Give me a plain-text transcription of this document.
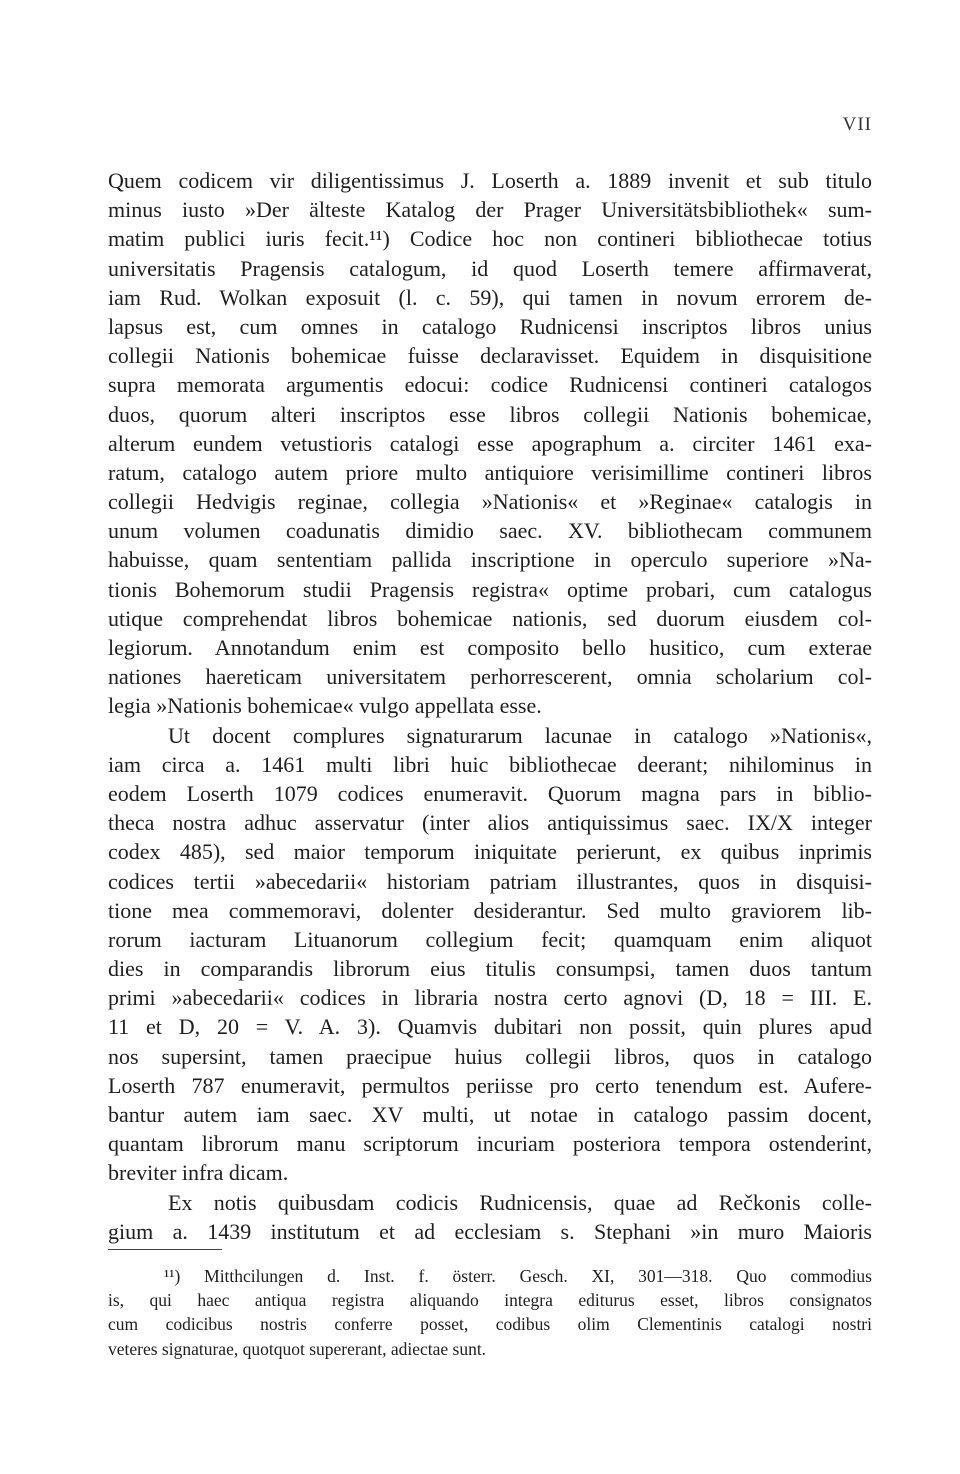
VII
Quem codicem vir diligentissimus J. Loserth a. 1889 invenit et sub titulo
minus iusto »Der älteste Katalog der Prager Universitätsbibliothek« sum-
matim publici iuris fecit.¹¹) Codice hoc non contineri bibliothecae totius
universitatis Pragensis catalogum, id quod Loserth temere affirmaverat,
iam Rud. Wolkan exposuit (l. c. 59), qui tamen in novum errorem de-
lapsus est, cum omnes in catalogo Rudnicensi inscriptos libros unius
collegii Nationis bohemicae fuisse declaravisset. Equidem in disquisitione
supra memorata argumentis edocui: codice Rudnicensi contineri catalogos
duos, quorum alteri inscriptos esse libros collegii Nationis bohemicae,
alterum eundem vetustioris catalogi esse apographum a. circiter 1461 exa-
ratum, catalogo autem priore multo antiquiore verisimillime contineri libros
collegii Hedvigis reginae, collegia »Nationis« et »Reginae« catalogis in
unum volumen coadunatis dimidio saec. XV. bibliothecam communem
habuisse, quam sententiam pallida inscriptione in operculo superiore »Na-
tionis Bohemorum studii Pragensis registra« optime probari, cum catalogus
utique comprehendat libros bohemicae nationis, sed duorum eiusdem col-
legiorum. Annotandum enim est composito bello husitico, cum exterae
nationes haereticam universitatem perhorrescerent, omnia scholarium col-
legia »Nationis bohemicae« vulgo appellata esse.
Ut docent complures signaturarum lacunae in catalogo »Nationis«,
iam circa a. 1461 multi libri huic bibliothecae deerant; nihilominus in
eodem Loserth 1079 codices enumeravit. Quorum magna pars in biblio-
theca nostra adhuc asservatur (inter alios antiquissimus saec. IX/X integer
codex 485), sed maior temporum iniquitate perierunt, ex quibus inprimis
codices tertii »abecedarii« historiam patriam illustrantes, quos in disquisi-
tione mea commemoravi, dolenter desiderantur. Sed multo graviorem lib-
rorum iacturam Lituanorum collegium fecit; quamquam enim aliquot
dies in comparandis librorum eius titulis consumpsi, tamen duos tantum
primi »abecedarii« codices in libraria nostra certo agnovi (D, 18 = III. E.
11 et D, 20 = V. A. 3). Quamvis dubitari non possit, quin plures apud
nos supersint, tamen praecipue huius collegii libros, quos in catalogo
Loserth 787 enumeravit, permultos periisse pro certo tenendum est. Aufere-
bantur autem iam saec. XV multi, ut notae in catalogo passim docent,
quantam librorum manu scriptorum incuriam posteriora tempora ostenderint,
breviter infra dicam.
Ex notis quibusdam codicis Rudnicensis, quae ad Rečkonis colle-
gium a. 1439 institutum et ad ecclesiam s. Stephani »in muro Maioris
¹¹) Mitthcilungen d. Inst. f. österr. Gesch. XI, 301—318. Quo commodius
is, qui haec antiqua registra aliquando integra editurus esset, libros consignatos
cum codicibus nostris conferre posset, codibus olim Clementinis catalogi nostri
veteres signaturae, quotquot supererant, adiectae sunt.
